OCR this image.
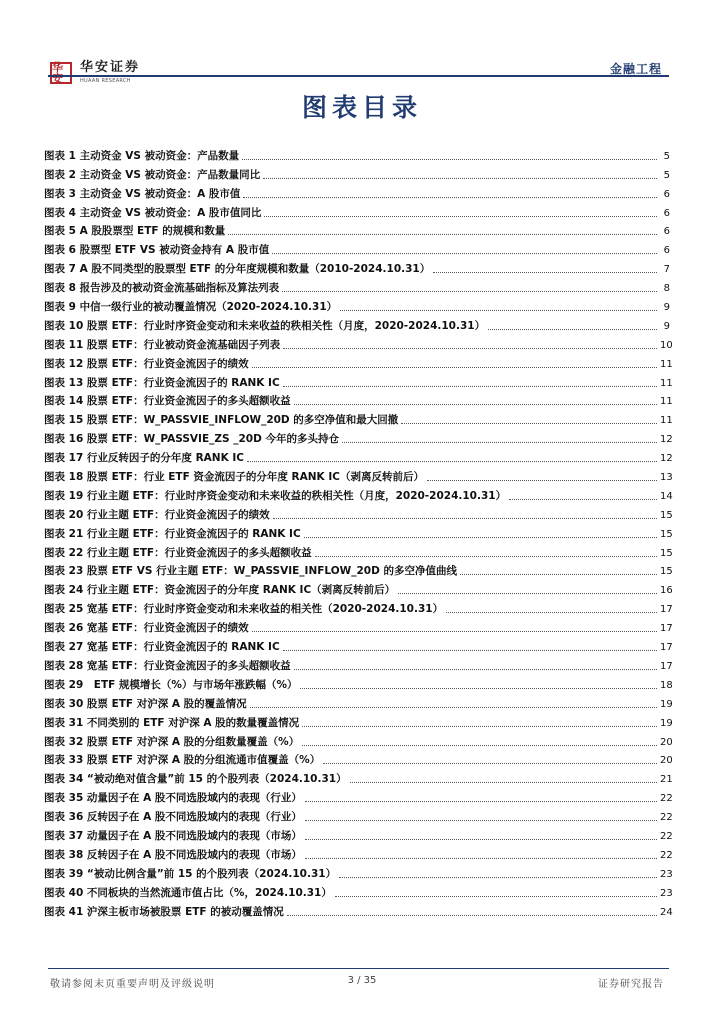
华安
华安证券
HUAAN RESEARCH
金融工程
图表目录
图表 1 主动资金 VS 被动资金：产品数量	5
图表 2 主动资金 VS 被动资金：产品数量同比	5
图表 3 主动资金 VS 被动资金：A 股市值	6
图表 4 主动资金 VS 被动资金：A 股市值同比	6
图表 5 A 股股票型 ETF 的规模和数量	6
图表 6 股票型 ETF VS 被动资金持有 A 股市值	6
图表 7 A 股不同类型的股票型 ETF 的分年度规模和数量（2010-2024.10.31）	7
图表 8 报告涉及的被动资金流基础指标及算法列表	8
图表 9 中信一级行业的被动覆盖情况（2020-2024.10.31）	9
图表 10 股票 ETF：行业时序资金变动和未来收益的秩相关性（月度，2020-2024.10.31）	9
图表 11 股票 ETF：行业被动资金流基础因子列表	10
图表 12 股票 ETF：行业资金流因子的绩效	11
图表 13 股票 ETF：行业资金流因子的 RANK IC	11
图表 14 股票 ETF：行业资金流因子的多头超额收益	11
图表 15 股票 ETF：W_PASSVIE_INFLOW_20D 的多空净值和最大回撤	11
图表 16 股票 ETF：W_PASSVIE_ZS _20D 今年的多头持仓	12
图表 17 行业反转因子的分年度 RANK IC	12
图表 18 股票 ETF：行业 ETF 资金流因子的分年度 RANK IC（剥离反转前后）	13
图表 19 行业主题 ETF：行业时序资金变动和未来收益的秩相关性（月度，2020-2024.10.31）	14
图表 20 行业主题 ETF：行业资金流因子的绩效	15
图表 21 行业主题 ETF：行业资金流因子的 RANK IC	15
图表 22 行业主题 ETF：行业资金流因子的多头超额收益	15
图表 23 股票 ETF VS 行业主题 ETF：W_PASSVIE_INFLOW_20D 的多空净值曲线	15
图表 24 行业主题 ETF：资金流因子的分年度 RANK IC（剥离反转前后）	16
图表 25 宽基 ETF：行业时序资金变动和未来收益的相关性（2020-2024.10.31）	17
图表 26 宽基 ETF：行业资金流因子的绩效	17
图表 27 宽基 ETF：行业资金流因子的 RANK IC	17
图表 28 宽基 ETF：行业资金流因子的多头超额收益	17
图表 29　ETF 规模增长（%）与市场年涨跌幅（%）	18
图表 30 股票 ETF 对沪深 A 股的覆盖情况	19
图表 31 不同类别的 ETF 对沪深 A 股的数量覆盖情况	19
图表 32 股票 ETF 对沪深 A 股的分组数量覆盖（%）	20
图表 33 股票 ETF 对沪深 A 股的分组流通市值覆盖（%）	20
图表 34 “被动绝对值含量”前 15 的个股列表（2024.10.31）	21
图表 35 动量因子在 A 股不同选股域内的表现（行业）	22
图表 36 反转因子在 A 股不同选股域内的表现（行业）	22
图表 37 动量因子在 A 股不同选股域内的表现（市场）	22
图表 38 反转因子在 A 股不同选股域内的表现（市场）	22
图表 39 “被动比例含量”前 15 的个股列表（2024.10.31）	23
图表 40 不同板块的当然流通市值占比（%，2024.10.31）	23
图表 41 沪深主板市场被股票 ETF 的被动覆盖情况	24
敬请参阅末页重要声明及评级说明	3 / 35	证券研究报告
